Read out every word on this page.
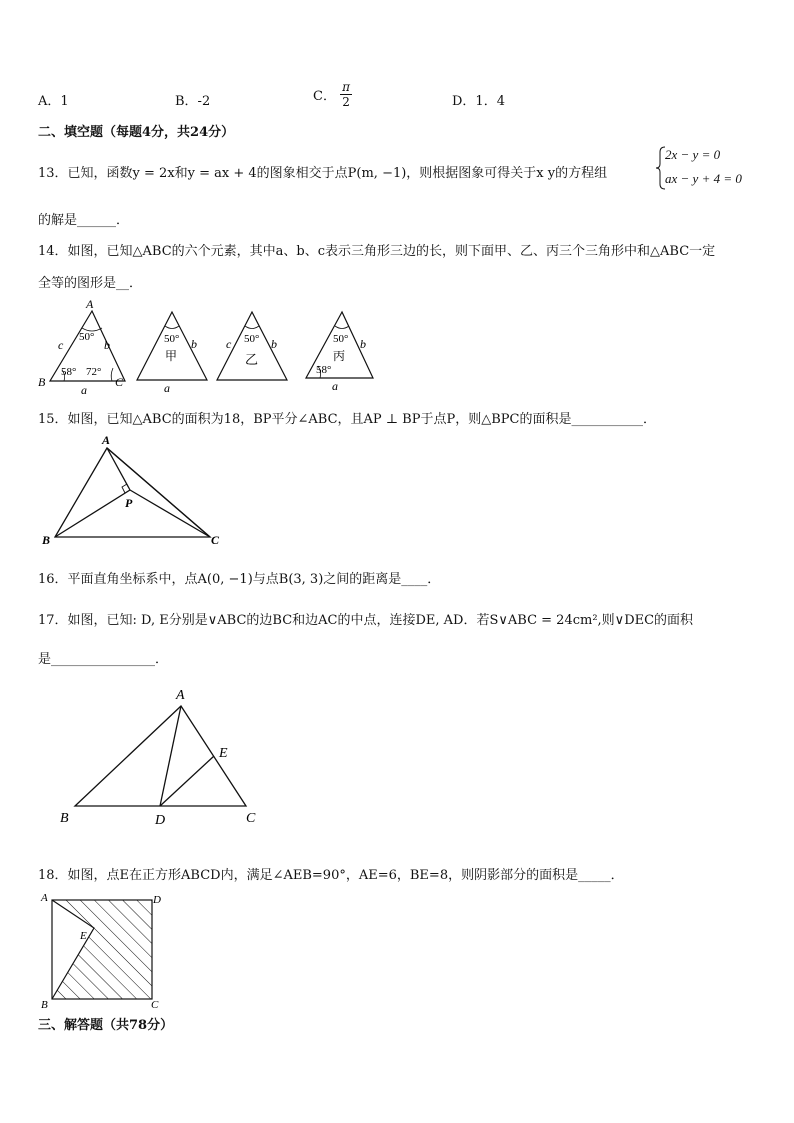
A．1	B．-2	C． $\frac{\pi}{2}$	D．1．4
二、填空题（每题4分，共24分）
13．已知，函数y = 2x和y = ax + 4的图象相交于点P(m, −1)，则根据图象可得关于x y的方程组
2x − y = 0
ax − y + 4 = 0
的解是______．
14．如图，已知△ABC的六个元素，其中a、b、c表示三角形三边的长，则下面甲、乙、丙三个三角形中和△ABC一定
全等的图形是__．
A
B	C
c	b
a
50°
58° 72°
50°
甲
b
a
50°
乙
c	b	50°
丙
b
58°
a
15．如图，已知△ABC的面积为18，BP平分∠ABC，且AP ⊥ BP于点P，则△BPC的面积是___________．
A
B	C
P
16．平面直角坐标系中，点A(0, −1)与点B(3, 3)之间的距离是____．
17．如图，已知: D, E分别是∨ABC的边BC和边AC的中点，连接DE, AD．若S∨ABC = 24cm²,则∨DEC的面积
是________________．
A
B	C
D
E
18．如图，点E在正方形ABCD内，满足∠AEB=90°，AE=6，BE=8，则阴影部分的面积是_____．
A	D
B	C
E
三、解答题（共78分）
